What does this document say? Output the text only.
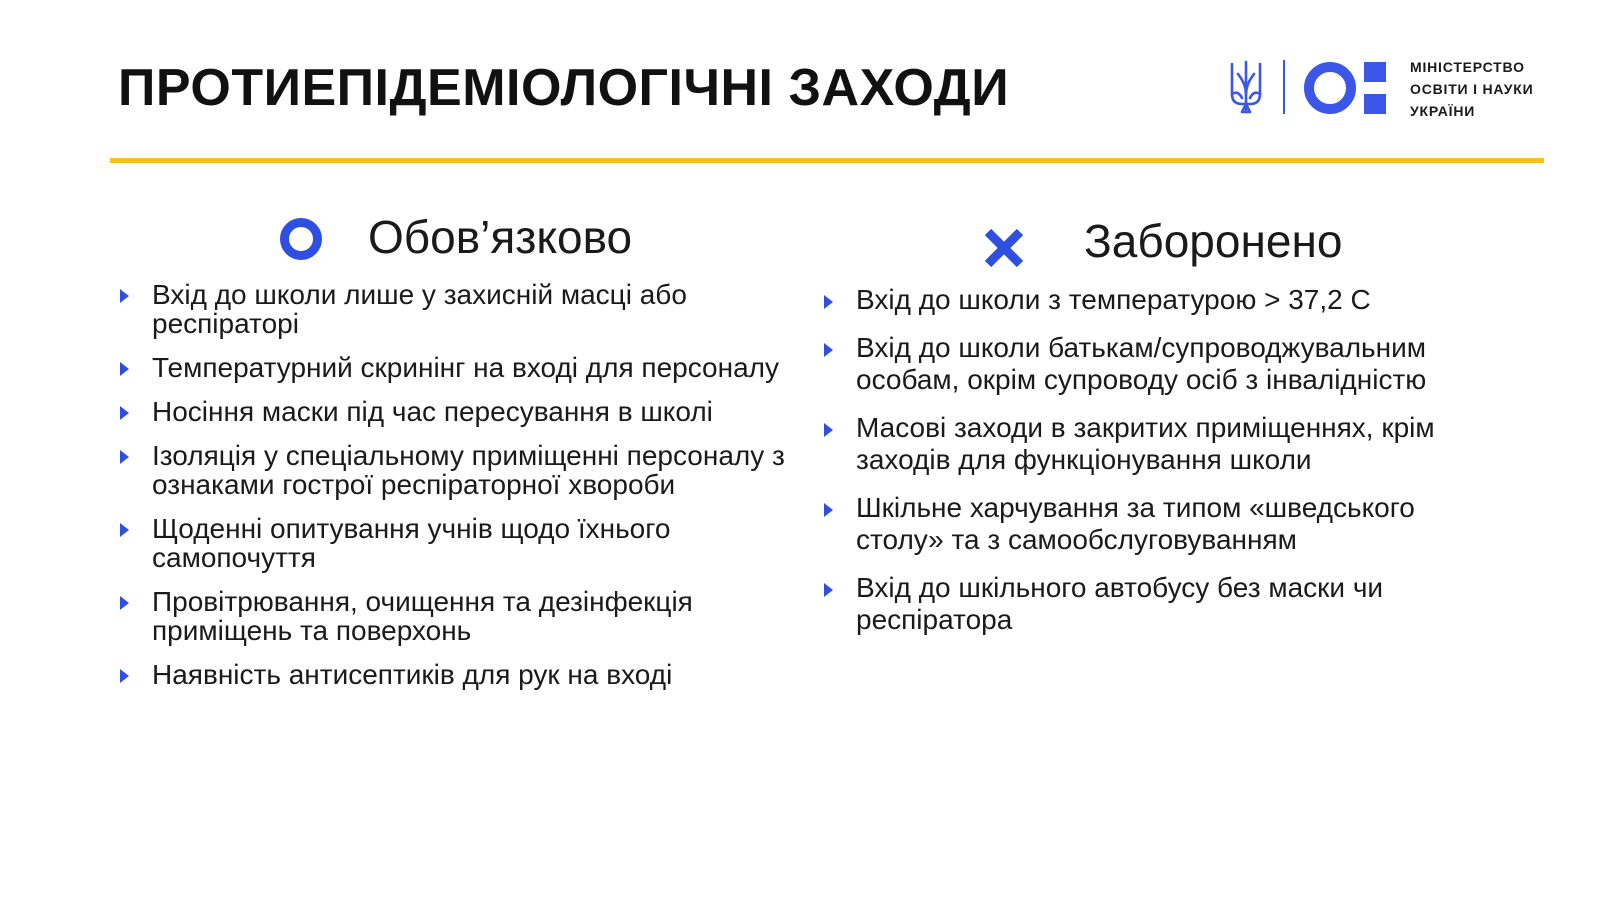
ПРОТИЕПІДЕМІОЛОГІЧНІ ЗАХОДИ	МІНІСТЕРСТВО
ОСВІТИ І НАУКИ
УКРАЇНИ
Обов’язково
Вхід до школи лише у захисній масці або респіраторі
Температурний скринінг на вході для персоналу
Носіння маски під час пересування в школі
Ізоляція у спеціальному приміщенні персоналу з ознаками гострої респіраторної хвороби
Щоденні опитування учнів щодо їхнього самопочуття
Провітрювання, очищення та дезінфекція приміщень та поверхонь
Наявність антисептиків для рук на вході
Заборонено
Вхід до школи з температурою > 37,2 С
Вхід до школи батькам/супроводжувальним особам, окрім супроводу осіб з інвалідністю
Масові заходи в закритих приміщеннях, крім заходів для функціонування школи
Шкільне харчування за типом «шведського столу» та з самообслуговуванням
Вхід до шкільного автобусу без маски чи респіратора
